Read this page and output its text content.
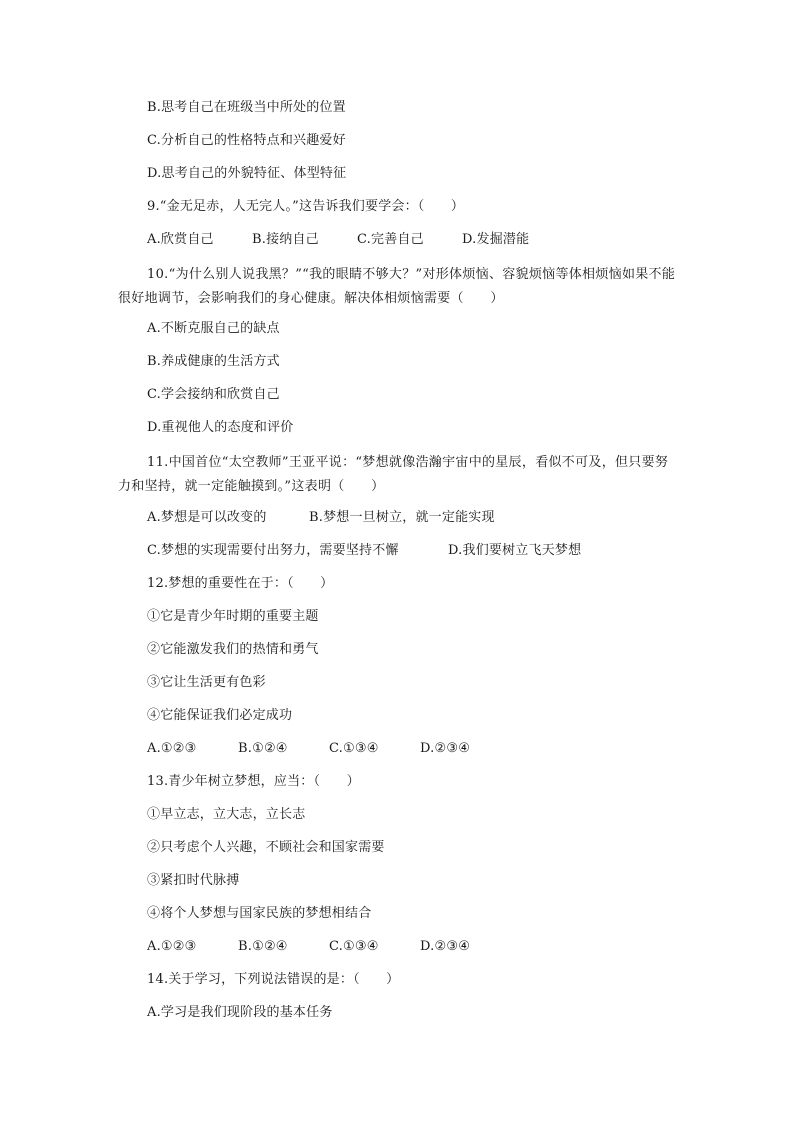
B.思考自己在班级当中所处的位置
C.分析自己的性格特点和兴趣爱好
D.思考自己的外貌特征、体型特征
9.“金无足赤，人无完人。”这告诉我们要学会：（　　）
A.欣赏自己	B.接纳自己	C.完善自己	D.发掘潜能
10.“为什么别人说我黑？”“我的眼睛不够大？”对形体烦恼、容貌烦恼等体相烦恼如果不能很好地调节，会影响我们的身心健康。解决体相烦恼需要（　　）
A.不断克服自己的缺点
B.养成健康的生活方式
C.学会接纳和欣赏自己
D.重视他人的态度和评价
11.中国首位“太空教师”王亚平说：“梦想就像浩瀚宇宙中的星辰，看似不可及，但只要努力和坚持，就一定能触摸到。”这表明（　　）
A.梦想是可以改变的	B.梦想一旦树立，就一定能实现
C.梦想的实现需要付出努力，需要坚持不懈	D.我们要树立飞天梦想
12.梦想的重要性在于：（　　）
①它是青少年时期的重要主题
②它能激发我们的热情和勇气
③它让生活更有色彩
④它能保证我们必定成功
A.①②③	B.①②④	C.①③④	D.②③④
13.青少年树立梦想，应当：（　　）
①早立志，立大志，立长志
②只考虑个人兴趣，不顾社会和国家需要
③紧扣时代脉搏
④将个人梦想与国家民族的梦想相结合
A.①②③	B.①②④	C.①③④	D.②③④
14.关于学习，下列说法错误的是：（　　）
A.学习是我们现阶段的基本任务
